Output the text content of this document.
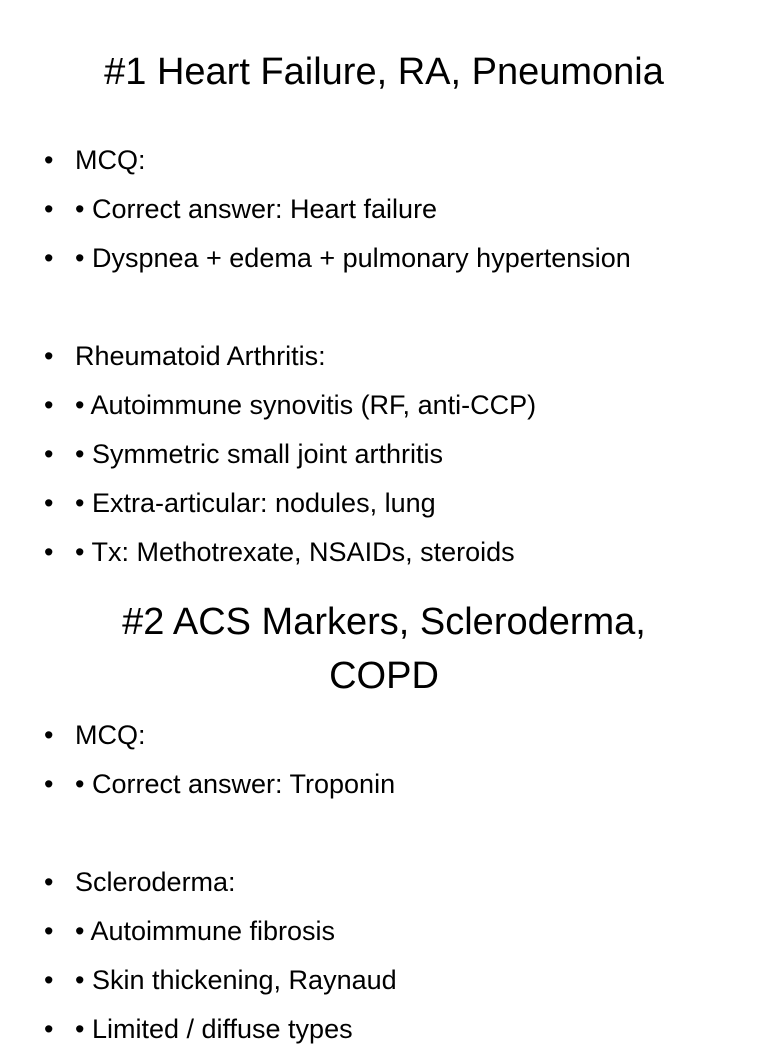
#1 Heart Failure, RA, Pneumonia
• MCQ:
• • Correct answer: Heart failure
• • Dyspnea + edema + pulmonary hypertension
• Rheumatoid Arthritis:
• • Autoimmune synovitis (RF, anti-CCP)
• • Symmetric small joint arthritis
• • Extra-articular: nodules, lung
• • Tx: Methotrexate, NSAIDs, steroids
#2 ACS Markers, Scleroderma,
COPD
• MCQ:
• • Correct answer: Troponin
• Scleroderma:
• • Autoimmune fibrosis
• • Skin thickening, Raynaud
• • Limited / diffuse types
